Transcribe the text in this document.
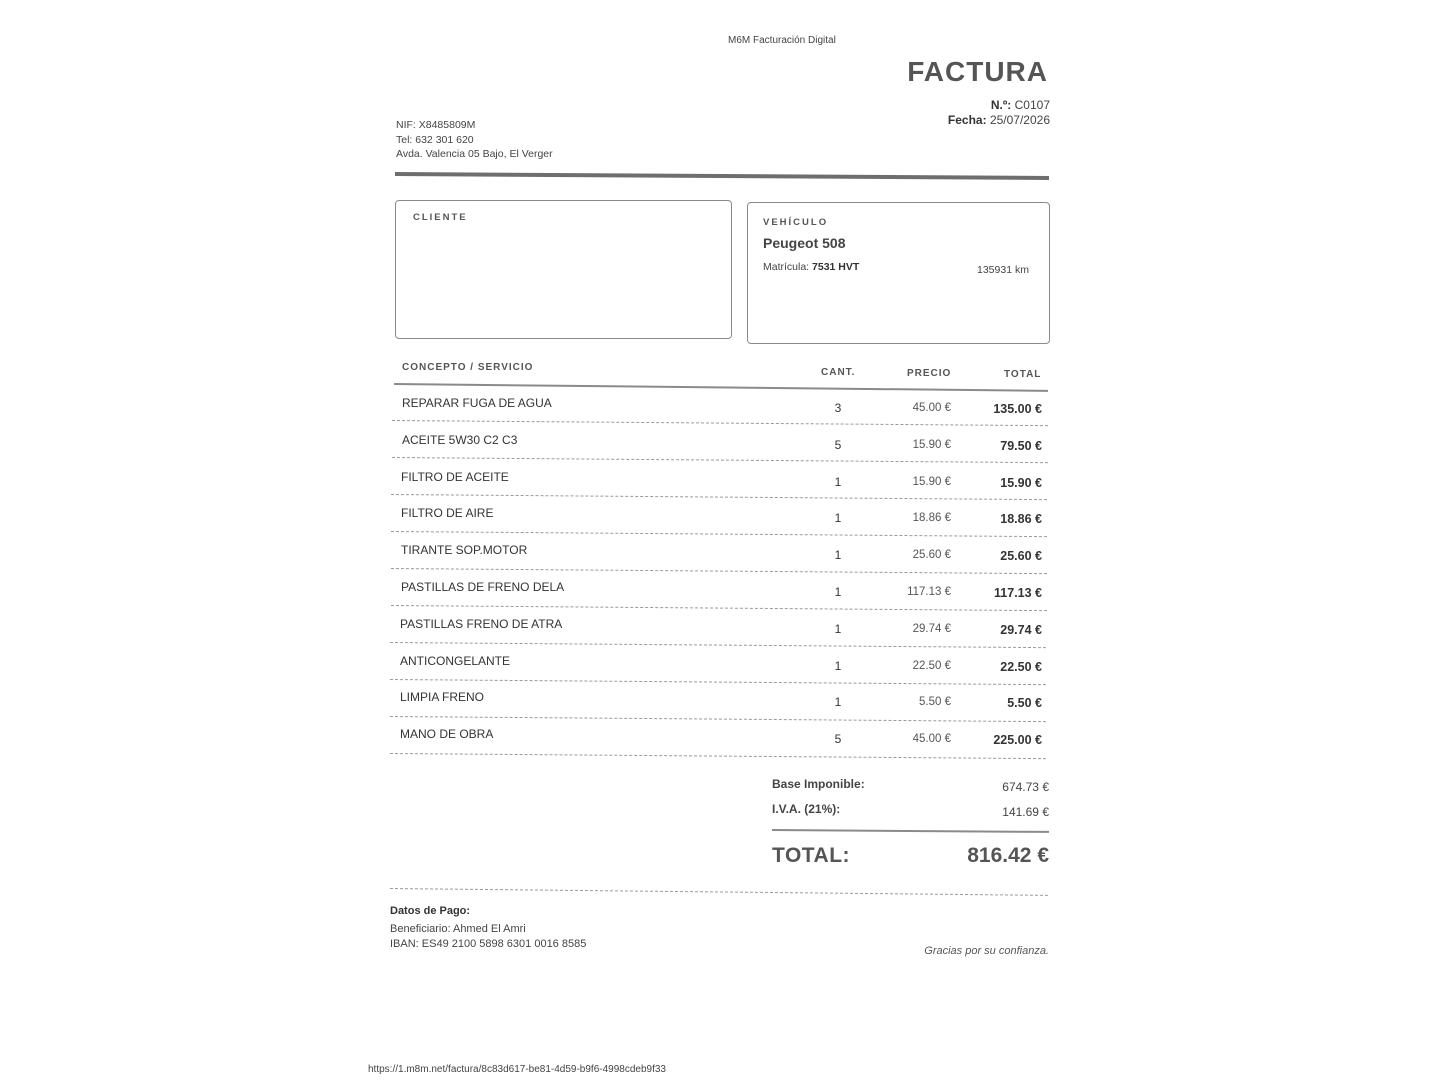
M6M Facturación Digital
FACTURA
N.º: C0107
Fecha: 25/07/2026
NIF: X8485809M
Tel: 632 301 620
Avda. Valencia 05 Bajo, El Verger
CLIENTE	VEHÍCULO
Peugeot 508
Matrícula: 7531 HVT	135931 km
CONCEPTO / SERVICIO	CANT.	PRECIO	TOTAL
REPARAR FUGA DE AGUA	3	45.00 €	135.00 €
ACEITE 5W30 C2 C3	5	15.90 €	79.50 €
FILTRO DE ACEITE	1	15.90 €	15.90 €
FILTRO DE AIRE	1	18.86 €	18.86 €
TIRANTE SOP.MOTOR	1	25.60 €	25.60 €
PASTILLAS DE FRENO DELA	1	117.13 €	117.13 €
PASTILLAS FRENO DE ATRA	1	29.74 €	29.74 €
ANTICONGELANTE	1	22.50 €	22.50 €
LIMPIA FRENO	1	5.50 €	5.50 €
MANO DE OBRA	5	45.00 €	225.00 €
Base Imponible:	674.73 €
I.V.A. (21%):	141.69 €
TOTAL:	816.42 €
Datos de Pago:
Beneficiario: Ahmed El Amri
IBAN: ES49 2100 5898 6301 0016 8585
Gracias por su confianza.
https://1.m8m.net/factura/8c83d617-be81-4d59-b9f6-4998cdeb9f33
